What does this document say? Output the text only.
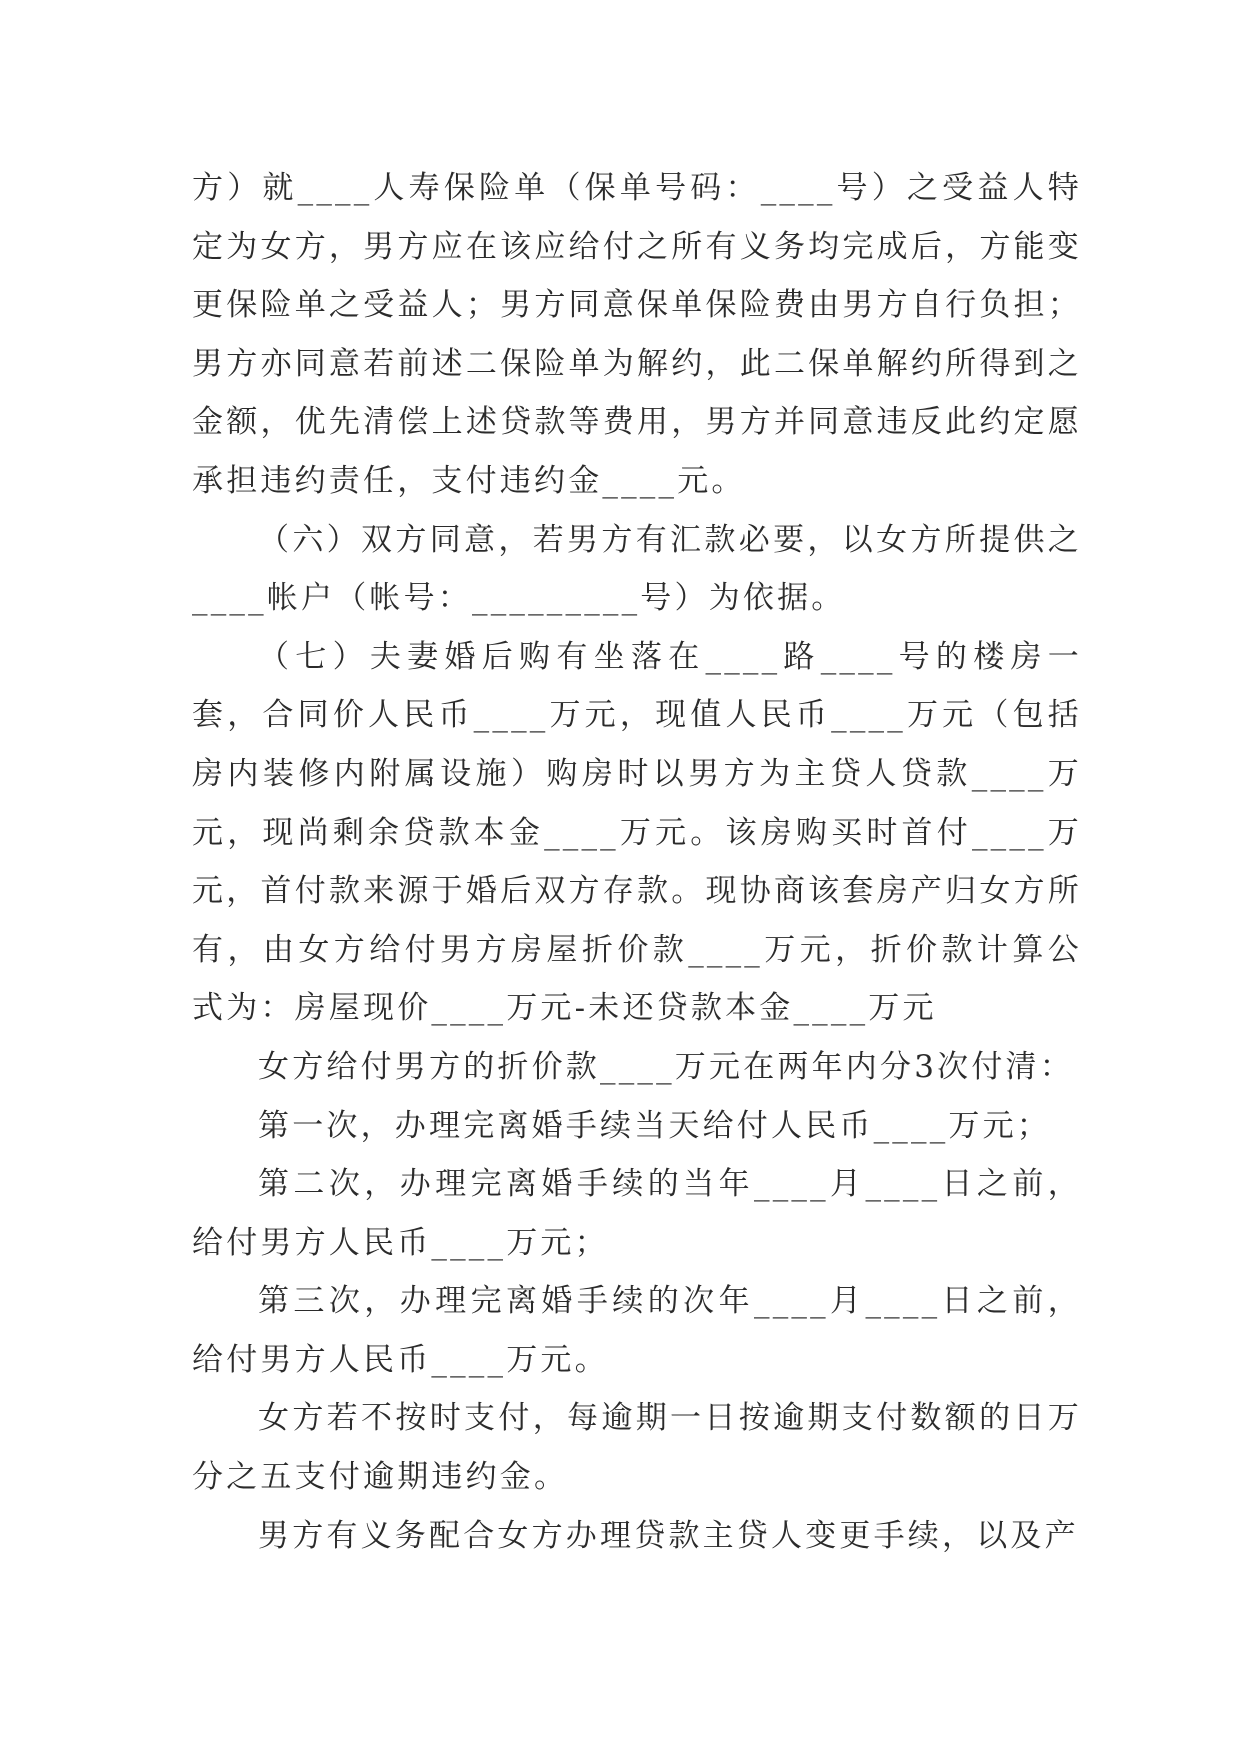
方）就____人寿保险单（保单号码：____号）之受益人特定为女方，男方应在该应给付之所有义务均完成后，方能变更保险单之受益人；男方同意保单保险费由男方自行负担；男方亦同意若前述二保险单为解约，此二保单解约所得到之金额，优先清偿上述贷款等费用，男方并同意违反此约定愿承担违约责任，支付违约金____元。

（六）双方同意，若男方有汇款必要，以女方所提供之____帐户（帐号：_________号）为依据。

（七）夫妻婚后购有坐落在____路____号的楼房一套，合同价人民币____万元，现值人民币____万元（包括房内装修内附属设施）购房时以男方为主贷人贷款____万元，现尚剩余贷款本金____万元。该房购买时首付____万元，首付款来源于婚后双方存款。现协商该套房产归女方所有，由女方给付男方房屋折价款____万元，折价款计算公式为：房屋现价____万元-未还贷款本金____万元

女方给付男方的折价款____万元在两年内分3次付清：

第一次，办理完离婚手续当天给付人民币____万元；

第二次，办理完离婚手续的当年____月____日之前，给付男方人民币____万元；

第三次，办理完离婚手续的次年____月____日之前，给付男方人民币____万元。

女方若不按时支付，每逾期一日按逾期支付数额的日万分之五支付逾期违约金。

男方有义务配合女方办理贷款主贷人变更手续，以及产
